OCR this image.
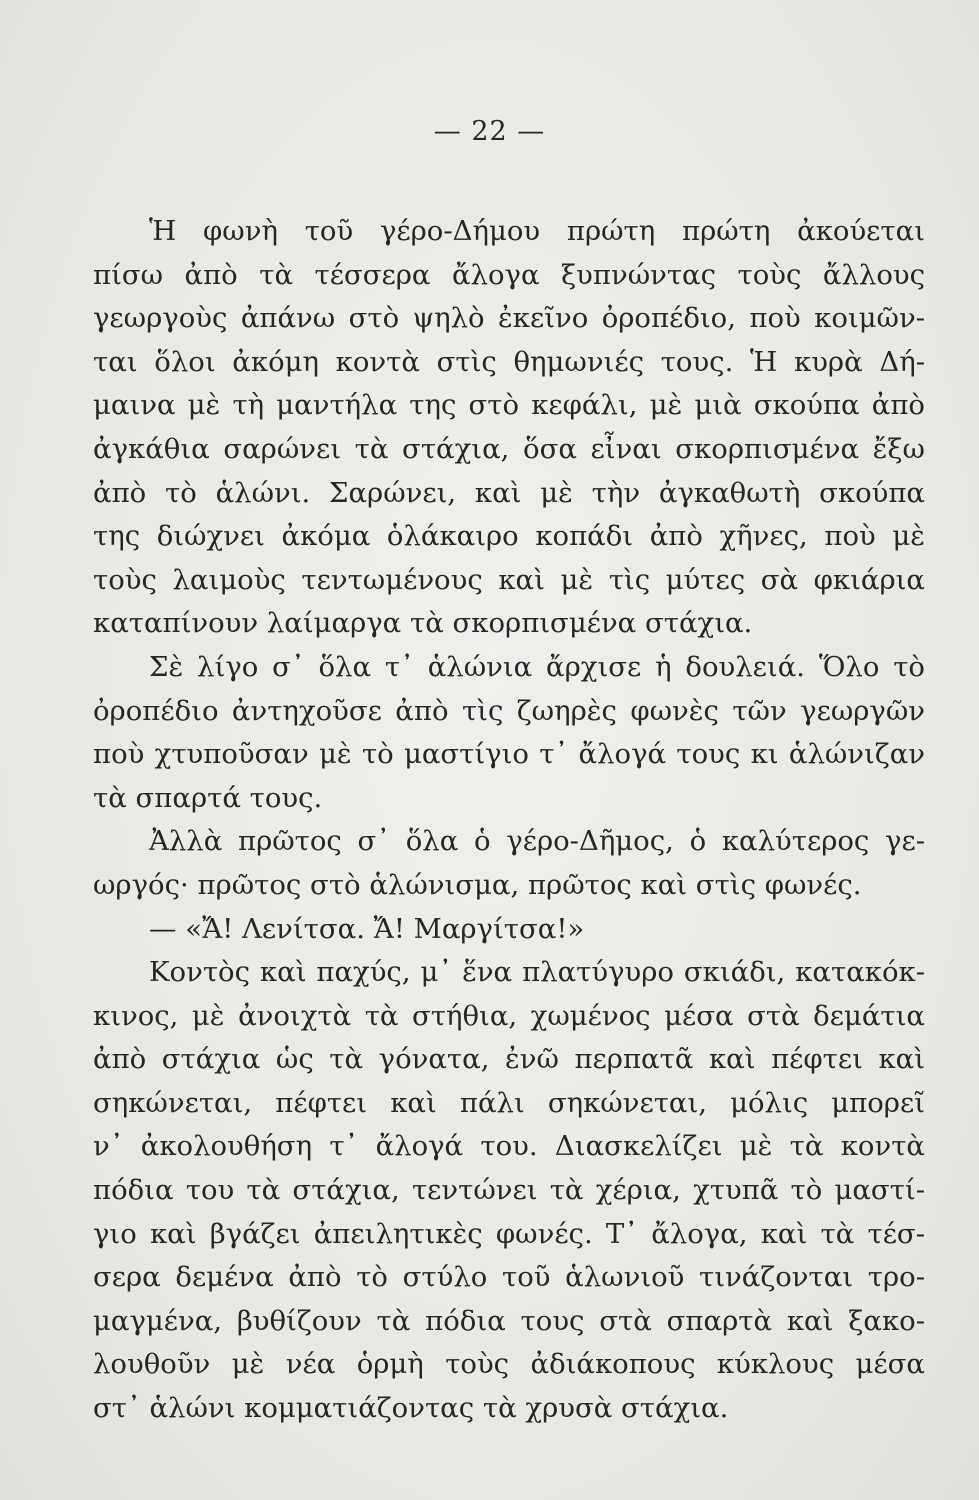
— 22 —
Ἡ φωνὴ τοῦ γέρο-Δήμου πρώτη πρώτη ἀκούεται
πίσω ἀπὸ τὰ τέσσερα ἄλογα ξυπνώντας τοὺς ἄλλους
γεωργοὺς ἀπάνω στὸ ψηλὸ ἐκεῖνο ὀροπέδιο, ποὺ κοιμῶν-
ται ὅλοι ἀκόμη κοντὰ στὶς θημωνιές τους. Ἡ κυρὰ Δή-
μαινα μὲ τὴ μαντήλα της στὸ κεφάλι, μὲ μιὰ σκούπα ἀπὸ
ἀγκάθια σαρώνει τὰ στάχια, ὅσα εἶναι σκορπισμένα ἔξω
ἀπὸ τὸ ἁλώνι. Σαρώνει, καὶ μὲ τὴν ἀγκαθωτὴ σκούπα
της διώχνει ἀκόμα ὁλάκαιρο κοπάδι ἀπὸ χῆνες, ποὺ μὲ
τοὺς λαιμοὺς τεντωμένους καὶ μὲ τὶς μύτες σὰ φκιάρια
καταπίνουν λαίμαργα τὰ σκορπισμένα στάχια.
Σὲ λίγο σ᾽ ὅλα τ᾽ ἁλώνια ἄρχισε ἡ δουλειά. Ὅλο τὸ
ὀροπέδιο ἀντηχοῦσε ἀπὸ τὶς ζωηρὲς φωνὲς τῶν γεωργῶν
ποὺ χτυποῦσαν μὲ τὸ μαστίγιο τ᾽ ἄλογά τους κι ἁλώνιζαν
τὰ σπαρτά τους.
Ἀλλὰ πρῶτος σ᾽ ὅλα ὁ γέρο-Δῆμος, ὁ καλύτερος γε-
ωργός· πρῶτος στὸ ἁλώνισμα, πρῶτος καὶ στὶς φωνές.
— «Ἄ! Λενίτσα. Ἄ! Μαργίτσα!»
Κοντὸς καὶ παχύς, μ᾽ ἕνα πλατύγυρο σκιάδι, κατακόκ-
κινος, μὲ ἀνοιχτὰ τὰ στήθια, χωμένος μέσα στὰ δεμάτια
ἀπὸ στάχια ὡς τὰ γόνατα, ἐνῶ περπατᾶ καὶ πέφτει καὶ
σηκώνεται, πέφτει καὶ πάλι σηκώνεται, μόλις μπορεῖ
ν᾽ ἀκολουθήση τ᾽ ἄλογά του. Διασκελίζει μὲ τὰ κοντὰ
πόδια του τὰ στάχια, τεντώνει τὰ χέρια, χτυπᾶ τὸ μαστί-
γιο καὶ βγάζει ἀπειλητικὲς φωνές. Τ᾽ ἄλογα, καὶ τὰ τέσ-
σερα δεμένα ἀπὸ τὸ στύλο τοῦ ἁλωνιοῦ τινάζονται τρο-
μαγμένα, βυθίζουν τὰ πόδια τους στὰ σπαρτὰ καὶ ξακο-
λουθοῦν μὲ νέα ὁρμὴ τοὺς ἀδιάκοπους κύκλους μέσα
στ᾽ ἁλώνι κομματιάζοντας τὰ χρυσὰ στάχια.
